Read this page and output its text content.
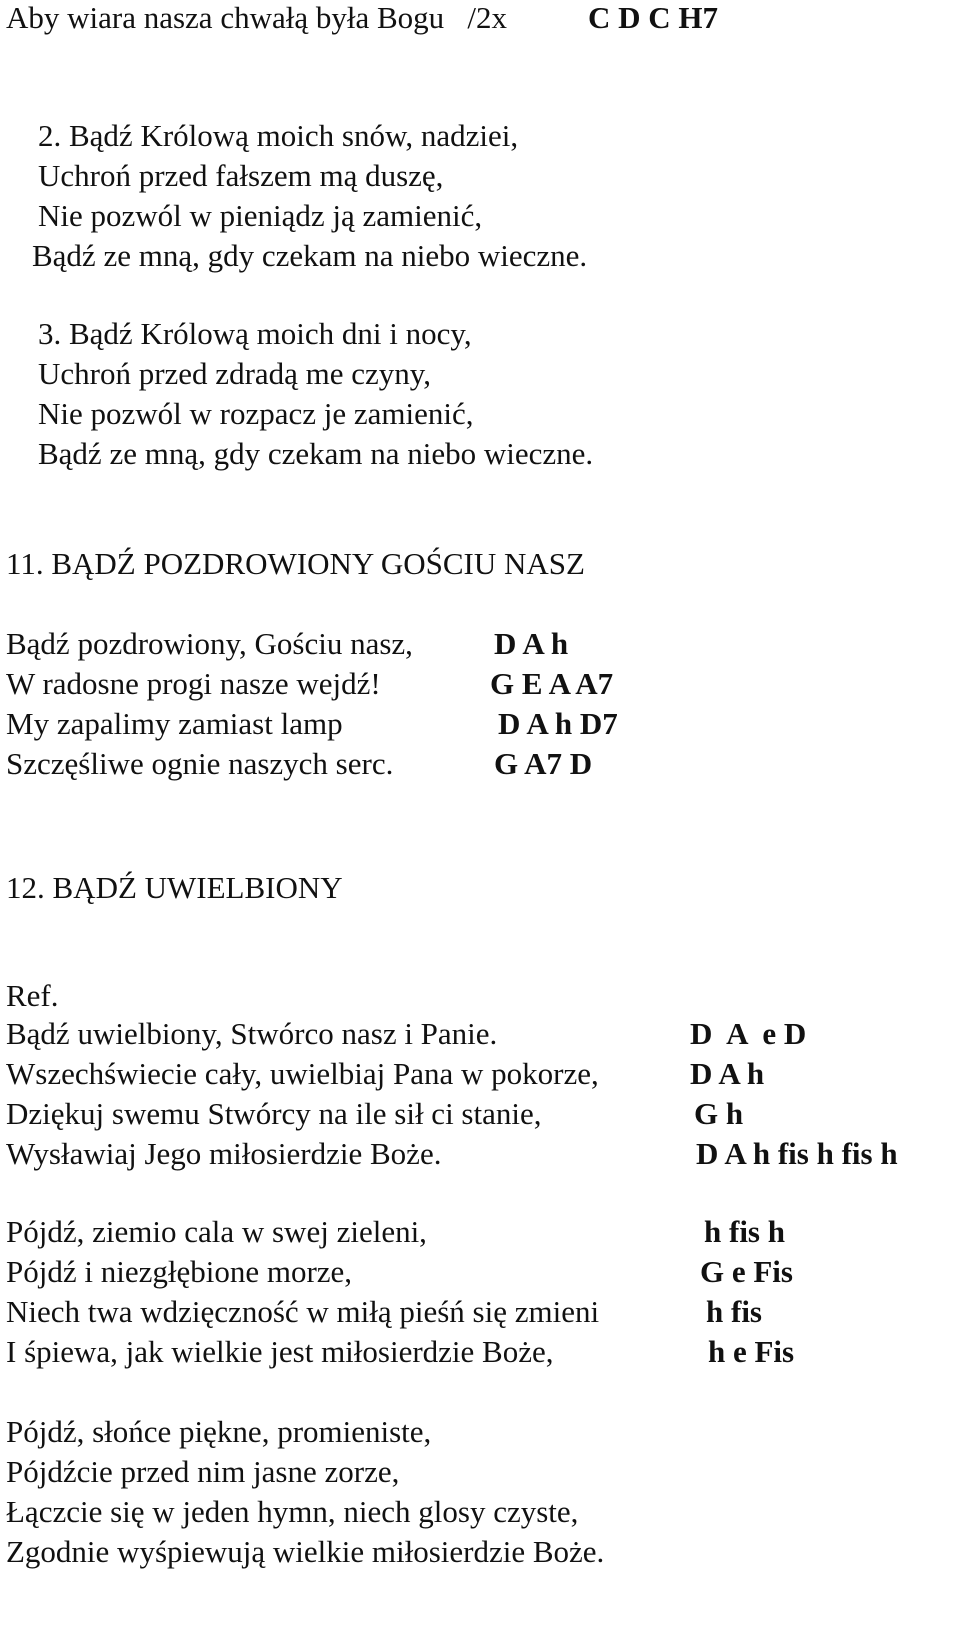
Aby wiara nasza chwałą była Bogu   /2x	C D C H7
2. Bądź Królową moich snów, nadziei,
Uchroń przed fałszem mą duszę,
Nie pozwól w pieniądz ją zamienić,
Bądź ze mną, gdy czekam na niebo wieczne.
3. Bądź Królową moich dni i nocy,
Uchroń przed zdradą me czyny,
Nie pozwól w rozpacz je zamienić,
Bądź ze mną, gdy czekam na niebo wieczne.
11. BĄDŹ POZDROWIONY GOŚCIU NASZ
Bądź pozdrowiony, Gościu nasz,
W radosne progi nasze wejdź!
My zapalimy zamiast lamp
Szczęśliwe ognie naszych serc.
D A h
G E A A7
D A h D7
G A7 D
12. BĄDŹ UWIELBIONY
Ref.
Bądź uwielbiony, Stwórco nasz i Panie.
Wszechświecie cały, uwielbiaj Pana w pokorze,
Dziękuj swemu Stwórcy na ile sił ci stanie,
Wysławiaj Jego miłosierdzie Boże.
D  A  e D
D A h
G h
D A h fis h fis h
Pójdź, ziemio cala w swej zieleni,
Pójdź i niezgłębione morze,
Niech twa wdzięczność w miłą pieśń się zmieni
I śpiewa, jak wielkie jest miłosierdzie Boże,
h fis h
G e Fis
h fis
h e Fis
Pójdź, słońce piękne, promieniste,
Pójdźcie przed nim jasne zorze,
Łączcie się w jeden hymn, niech glosy czyste,
Zgodnie wyśpiewują wielkie miłosierdzie Boże.
